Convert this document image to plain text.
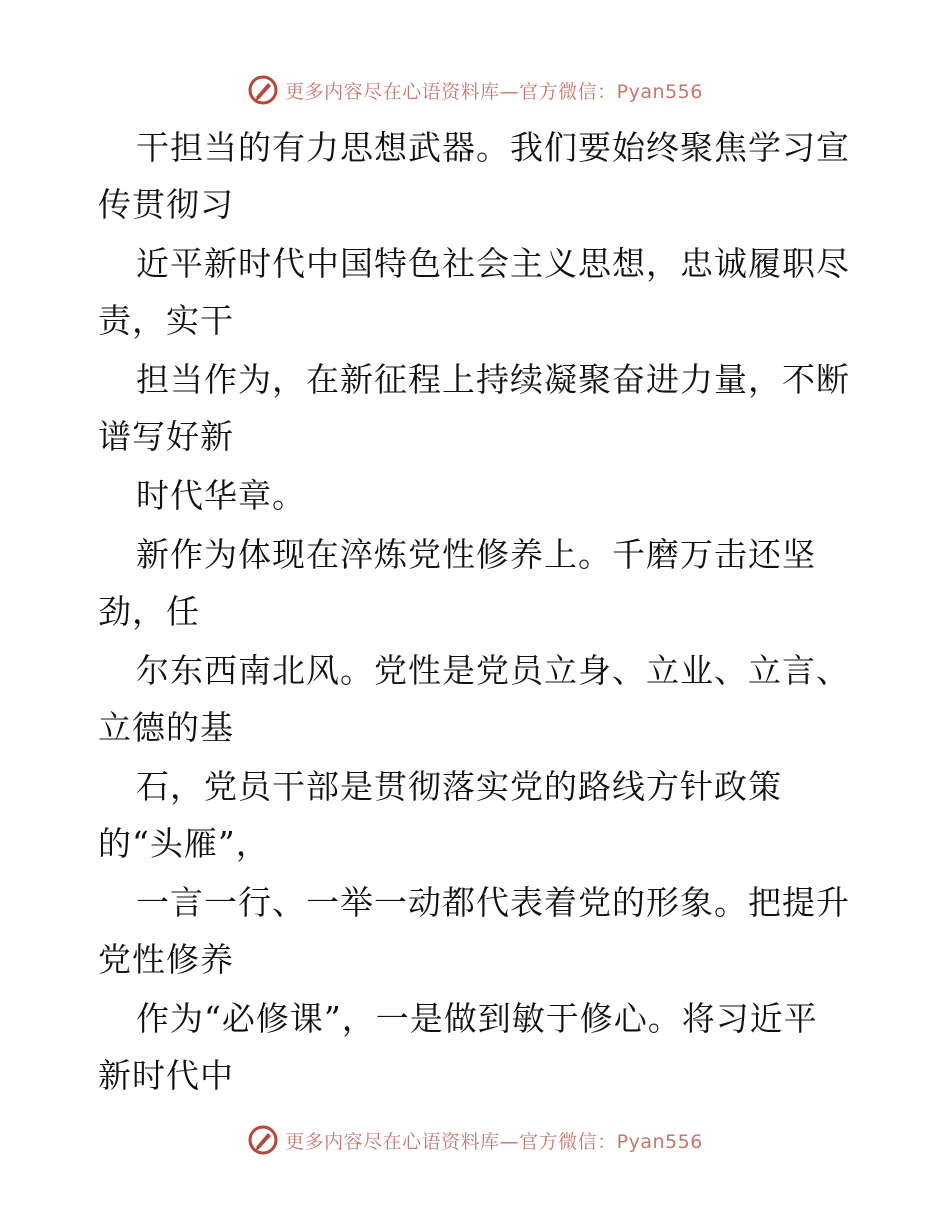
更多内容尽在心语资料库—官方微信：Pyan556
干担当的有力思想武器。我们要始终聚焦学习宣
传贯彻习
近平新时代中国特色社会主义思想，忠诚履职尽
责，实干
担当作为，在新征程上持续凝聚奋进力量，不断
谱写好新
时代华章。
新作为体现在淬炼党性修养上。千磨万击还坚
劲，任
尔东西南北风。党性是党员立身、立业、立言、
立德的基
石，党员干部是贯彻落实党的路线方针政策
的“头雁”，
一言一行、一举一动都代表着党的形象。把提升
党性修养
作为“必修课”，一是做到敏于修心。将习近平
新时代中
更多内容尽在心语资料库—官方微信：Pyan556
